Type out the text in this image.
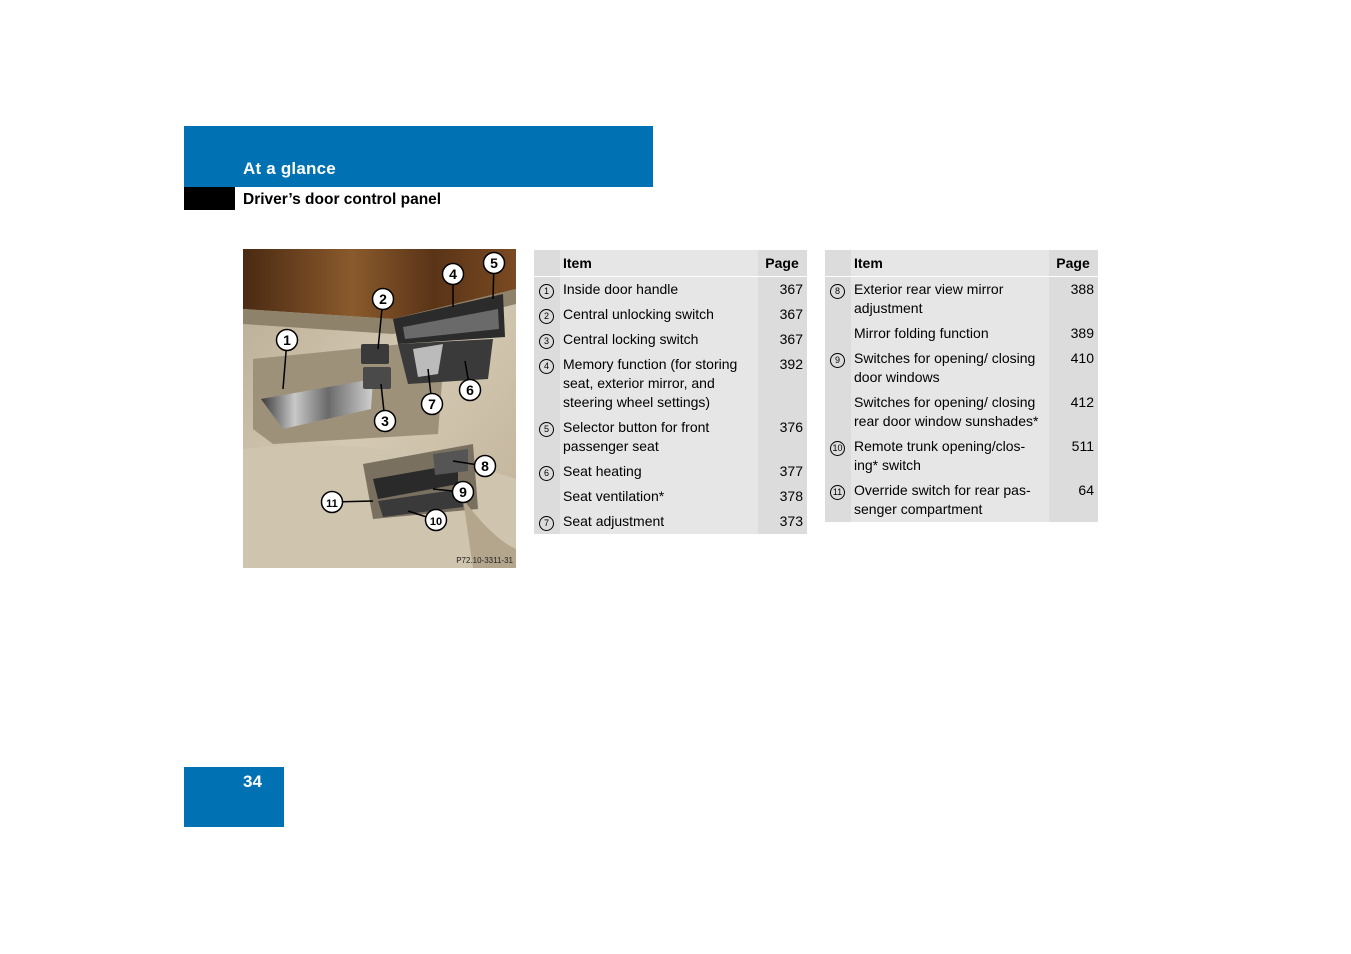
At a glance
Driver’s door control panel
1
2
3
4
5
6
7
8
9
10
11
P72.10-3311-31
	Item	Page
1	Inside door handle	367
2	Central unlocking switch	367
3	Central locking switch	367
4	Memory function (for storing seat, exterior mirror, and steering wheel settings)	392
5	Selector button for front passenger seat	376
6	Seat heating	377
	Seat ventilation*	378
7	Seat adjustment	373
	Item	Page
8	Exterior rear view mirror adjustment	388
	Mirror folding function	389
9	Switches for opening/ closing door windows	410
	Switches for opening/ closing rear door window sunshades*	412
10	Remote trunk opening/clos-ing* switch	511
11	Override switch for rear pas-senger compartment	64
34
